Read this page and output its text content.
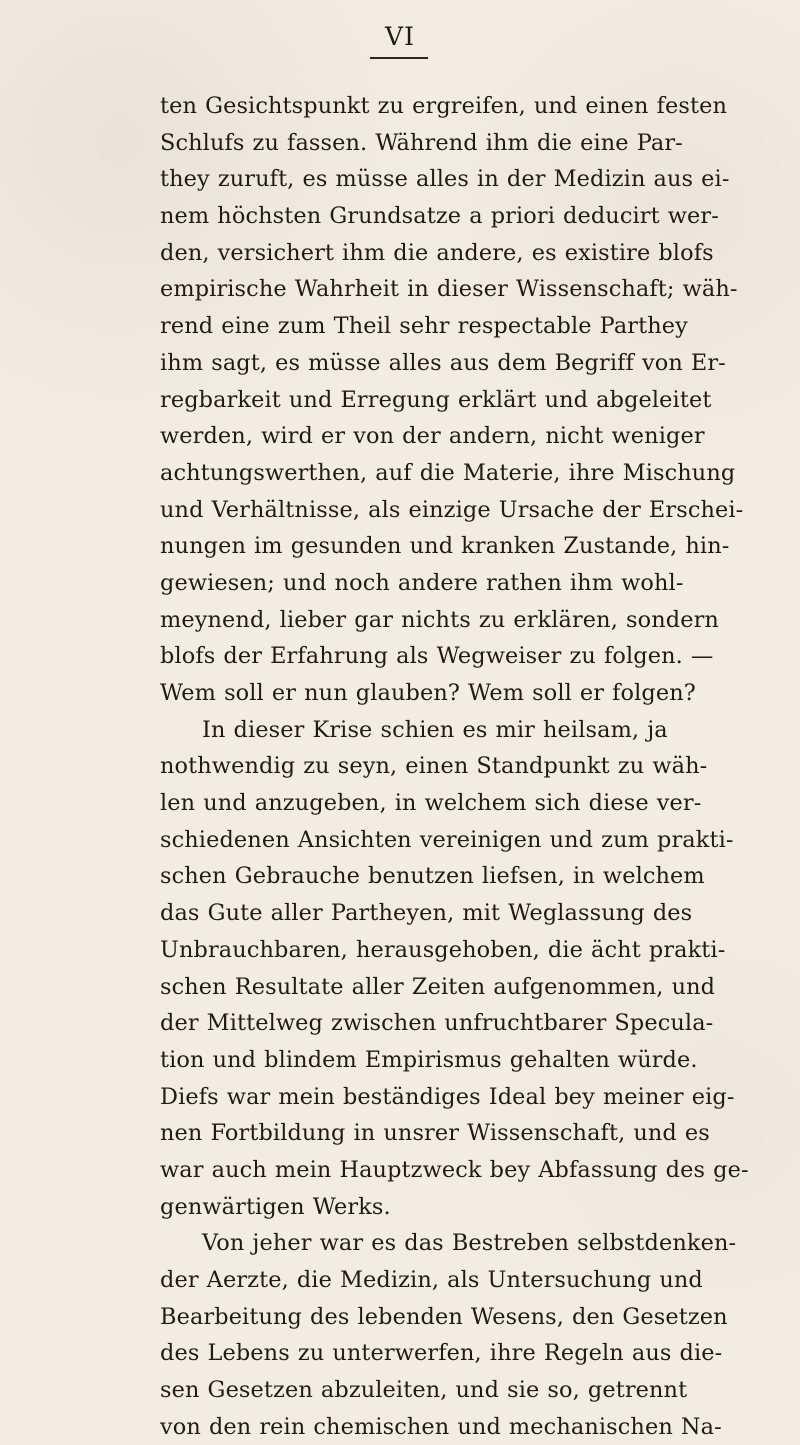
VI
ten Gesichtspunkt zu ergreifen, und einen festen
Schlufs zu fassen. Während ihm die eine Par-
they zuruft, es müsse alles in der Medizin aus ei-
nem höchsten Grundsatze a priori deducirt wer-
den, versichert ihm die andere, es existire blofs
empirische Wahrheit in dieser Wissenschaft; wäh-
rend eine zum Theil sehr respectable Parthey
ihm sagt, es müsse alles aus dem Begriff von Er-
regbarkeit und Erregung erklärt und abgeleitet
werden, wird er von der andern, nicht weniger
achtungswerthen, auf die Materie, ihre Mischung
und Verhältnisse, als einzige Ursache der Erschei-
nungen im gesunden und kranken Zustande, hin-
gewiesen; und noch andere rathen ihm wohl-
meynend, lieber gar nichts zu erklären, sondern
blofs der Erfahrung als Wegweiser zu folgen. —
Wem soll er nun glauben? Wem soll er folgen?
In dieser Krise schien es mir heilsam, ja
nothwendig zu seyn, einen Standpunkt zu wäh-
len und anzugeben, in welchem sich diese ver-
schiedenen Ansichten vereinigen und zum prakti-
schen Gebrauche benutzen liefsen, in welchem
das Gute aller Partheyen, mit Weglassung des
Unbrauchbaren, herausgehoben, die ächt prakti-
schen Resultate aller Zeiten aufgenommen, und
der Mittelweg zwischen unfruchtbarer Specula-
tion und blindem Empirismus gehalten würde.
Diefs war mein beständiges Ideal bey meiner eig-
nen Fortbildung in unsrer Wissenschaft, und es
war auch mein Hauptzweck bey Abfassung des ge-
genwärtigen Werks.
Von jeher war es das Bestreben selbstdenken-
der Aerzte, die Medizin, als Untersuchung und
Bearbeitung des lebenden Wesens, den Gesetzen
des Lebens zu unterwerfen, ihre Regeln aus die-
sen Gesetzen abzuleiten, und sie so, getrennt
von den rein chemischen und mechanischen Na-
